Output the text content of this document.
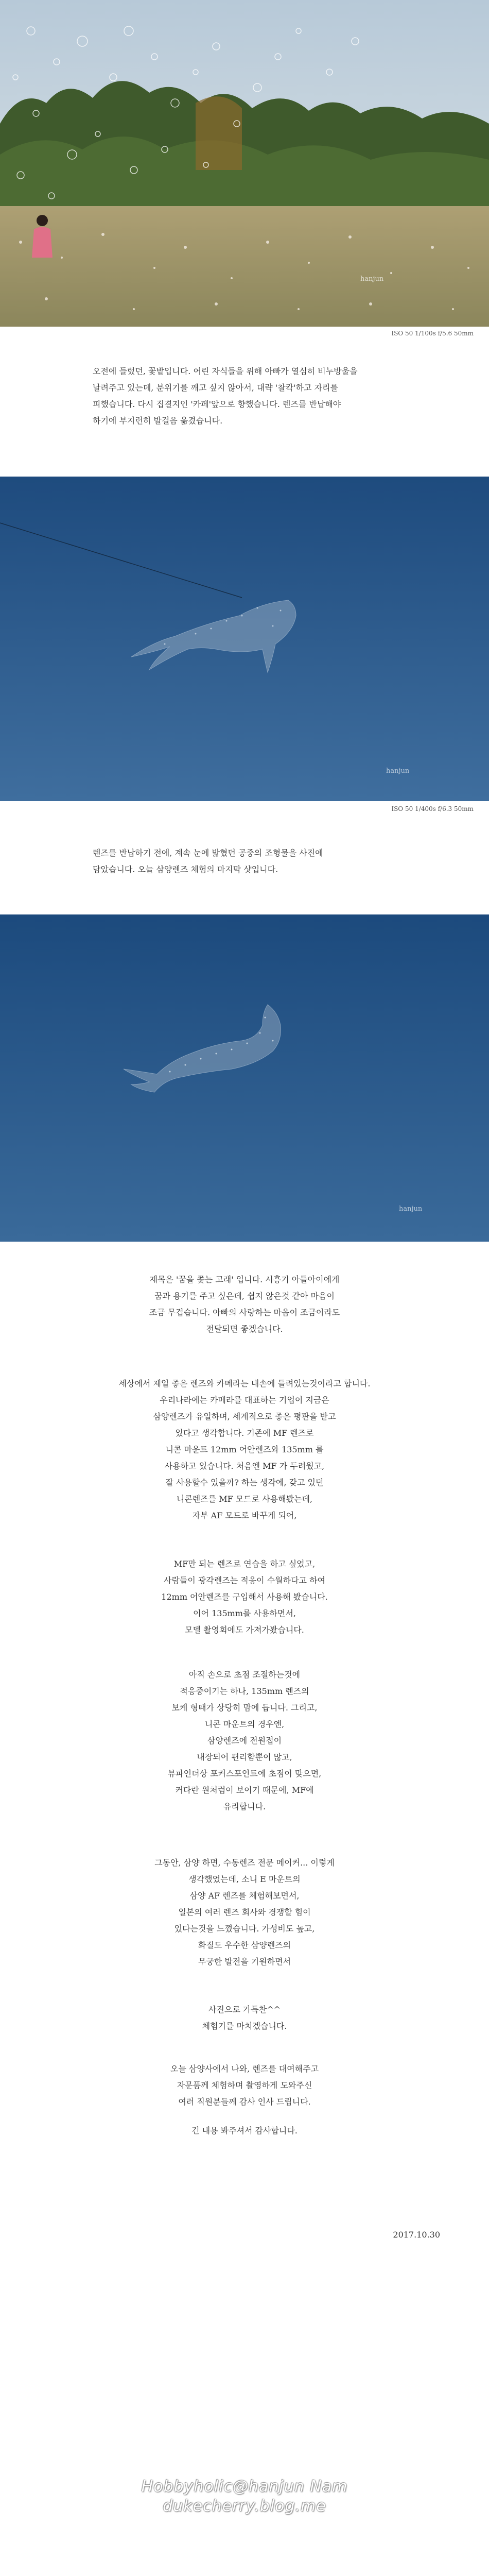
hanjun
ISO 50 1/100s f/5.6 50mm

오전에 들렀던, 꽃밭입니다. 어린 자식들을 위해 아빠가 열심히 비누방울을

날려주고 있는데, 분위기를 깨고 싶지 않아서, 대략 '찰칵'하고 자리를

피했습니다. 다시 집결지인 '카페'앞으로 향했습니다. 렌즈를 반납해야

하기에 부지런히 발걸음 옮겼습니다.

hanjun
ISO 50 1/400s f/6.3 50mm

렌즈를 반납하기 전에, 계속 눈에 밟혔던 공중의 조형물을 사진에

담았습니다. 오늘 삼양렌즈 체험의 마지막 샷입니다.

hanjun

제목은 '꿈을 쫓는 고래' 입니다. 시흥기 아들아이에게

꿈과 용기를 주고 싶은데, 쉽지 않은것 같아 마음이

조금 무겁습니다. 아빠의 사랑하는 마음이 조금이라도

전달되면 좋겠습니다.

세상에서 제일 좋은 렌즈와 카메라는 내손에 들려있는것이라고 합니다.

우리나라에는 카메라를 대표하는 기업이 지금은

삼양렌즈가 유일하며, 세계적으로 좋은 평판을 받고

있다고 생각합니다. 기존에 MF 렌즈로

니콘 마운트 12mm 어안렌즈와 135mm 를

사용하고 있습니다. 처음엔 MF 가 두려웠고,

잘 사용할수 있을까? 하는 생각에, 갖고 있던

니콘렌즈를 MF 모드로 사용해봤는데,

자부 AF 모드로 바꾸게 되어,

MF만 되는 렌즈로 연습을 하고 싶었고,

사람들이 광각렌즈는 적응이 수월하다고 하여

12mm 어안렌즈를 구입해서 사용해 봤습니다.

이어 135mm를 사용하면서,

모델 촬영회에도 가져가봤습니다.

아직 손으로 초점 조절하는것에

적응중이기는 하나, 135mm 렌즈의

보케 형태가 상당히 맘에 듭니다. 그리고,

니콘 마운트의 경우엔,

삼양렌즈에 전원접이

내장되어 편리함뿐이 많고,

뷰파인더상 포커스포인트에 초점이 맞으면,

커다란 원처럼이 보이기 때문에, MF에

유리합니다.

그동안, 삼양 하면, 수동렌즈 전문 메이커... 이렇게

생각했었는데, 소니 E 마운트의

삼양 AF 렌즈를 체험해보면서,

일본의 여러 렌즈 회사와 경쟁할 힘이

있다는것을 느꼈습니다. 가성비도 높고,

화질도 우수한 삼양렌즈의

무궁한 발전을 기원하면서

사진으로 가득찬^^

체험기를 마치겠습니다.

오늘 삼양사에서 나와, 렌즈를 대여해주고

자문품께 체험하며 촬영하게 도와주신

여러 직원분들께 감사 인사 드립니다.

긴 내용 봐주셔서 감사합니다.

2017.10.30
Hobbyholic@hanjun Nam
dukecherry.blog.me
